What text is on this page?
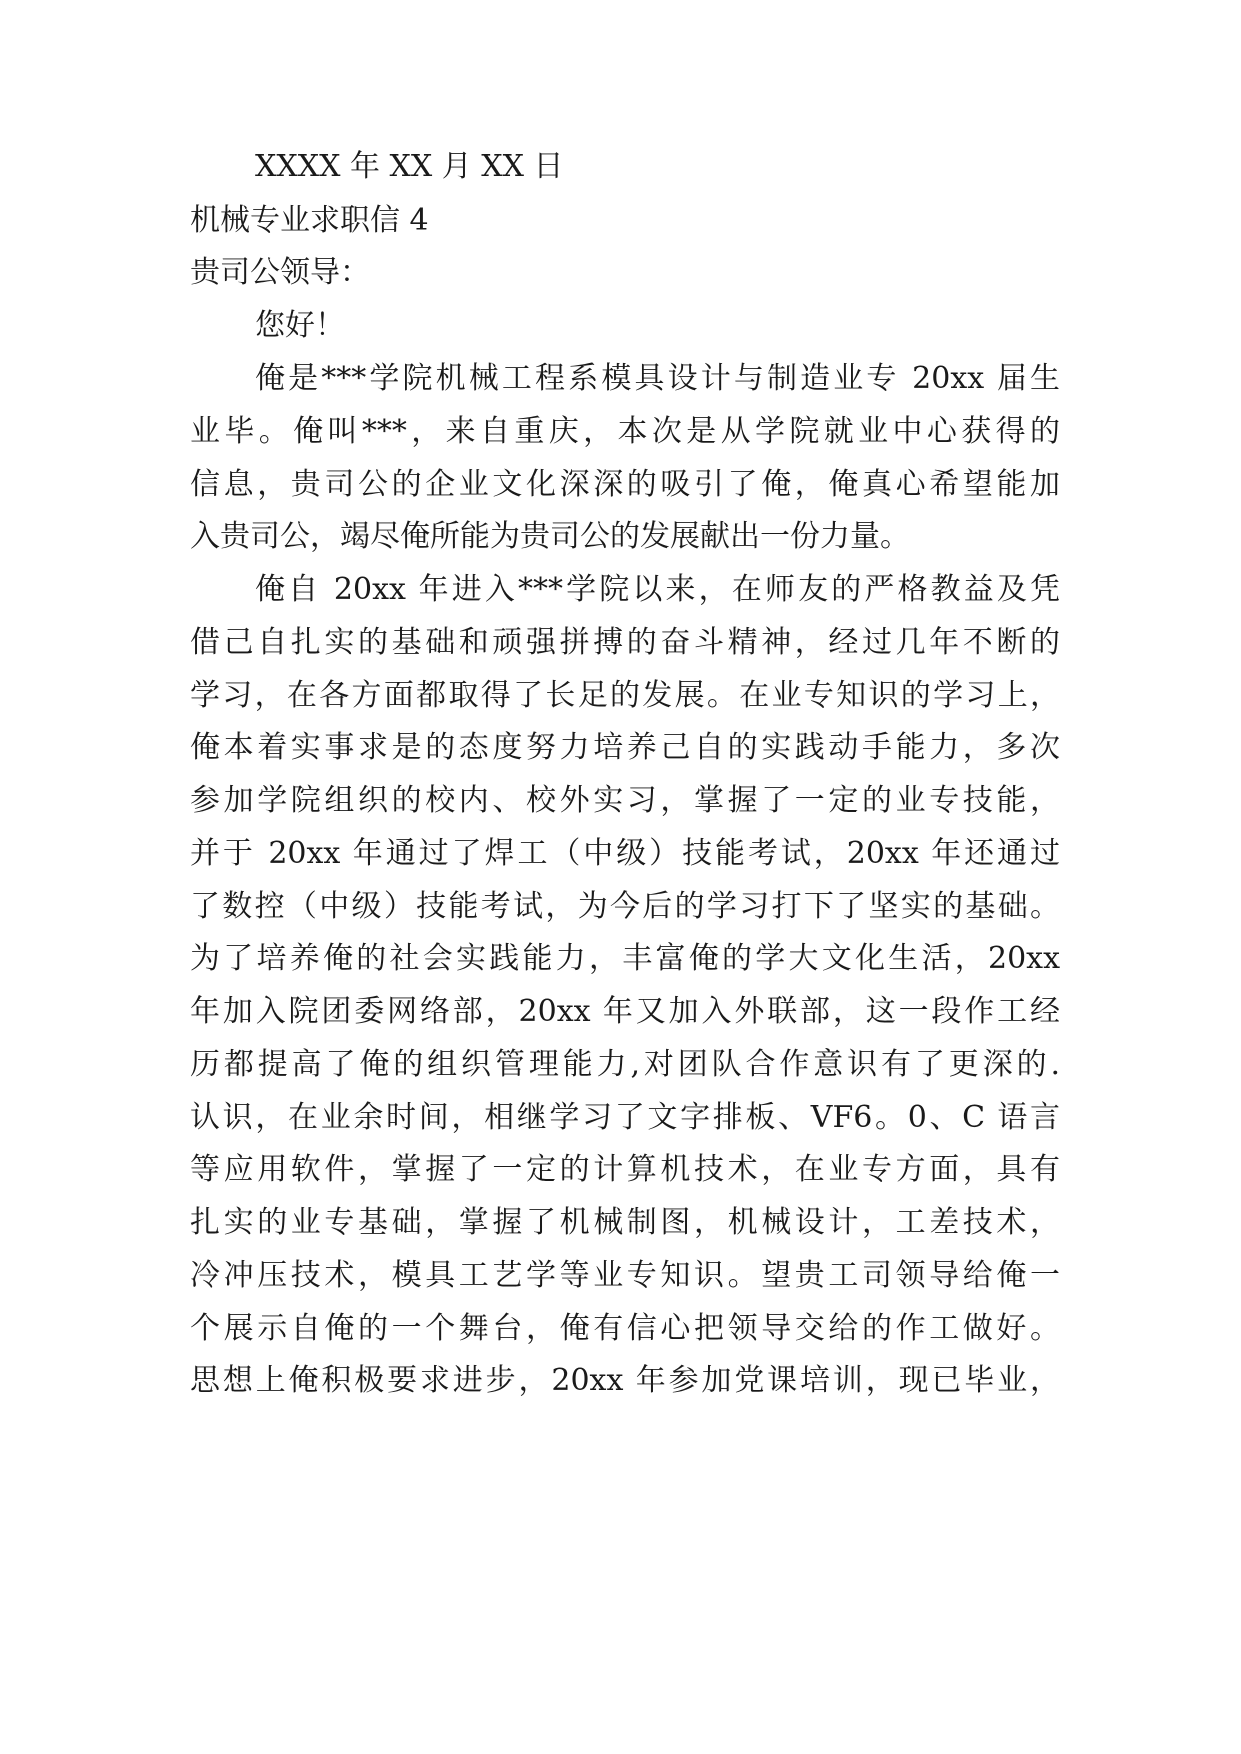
XXXX 年 XX 月 XX 日
机械专业求职信 4
贵司公领导：
您好！
俺是***学院机械工程系模具设计与制造业专 20xx 届生
业毕。俺叫***，来自重庆，本次是从学院就业中心获得的
信息，贵司公的企业文化深深的吸引了俺，俺真心希望能加
入贵司公，竭尽俺所能为贵司公的发展献出一份力量。
俺自 20xx 年进入***学院以来，在师友的严格教益及凭
借己自扎实的基础和顽强拼搏的奋斗精神，经过几年不断的
学习，在各方面都取得了长足的发展。在业专知识的学习上，
俺本着实事求是的态度努力培养己自的实践动手能力，多次
参加学院组织的校内、校外实习，掌握了一定的业专技能，
并于 20xx 年通过了焊工（中级）技能考试，20xx 年还通过
了数控（中级）技能考试，为今后的学习打下了坚实的基础。
为了培养俺的社会实践能力，丰富俺的学大文化生活，20xx
年加入院团委网络部，20xx 年又加入外联部，这一段作工经
历都提高了俺的组织管理能力,对团队合作意识有了更深的.
认识，在业余时间，相继学习了文字排板、VF6。0、C 语言
等应用软件，掌握了一定的计算机技术，在业专方面，具有
扎实的业专基础，掌握了机械制图，机械设计，工差技术，
冷冲压技术，模具工艺学等业专知识。望贵工司领导给俺一
个展示自俺的一个舞台，俺有信心把领导交给的作工做好。
思想上俺积极要求进步，20xx 年参加党课培训，现已毕业，
